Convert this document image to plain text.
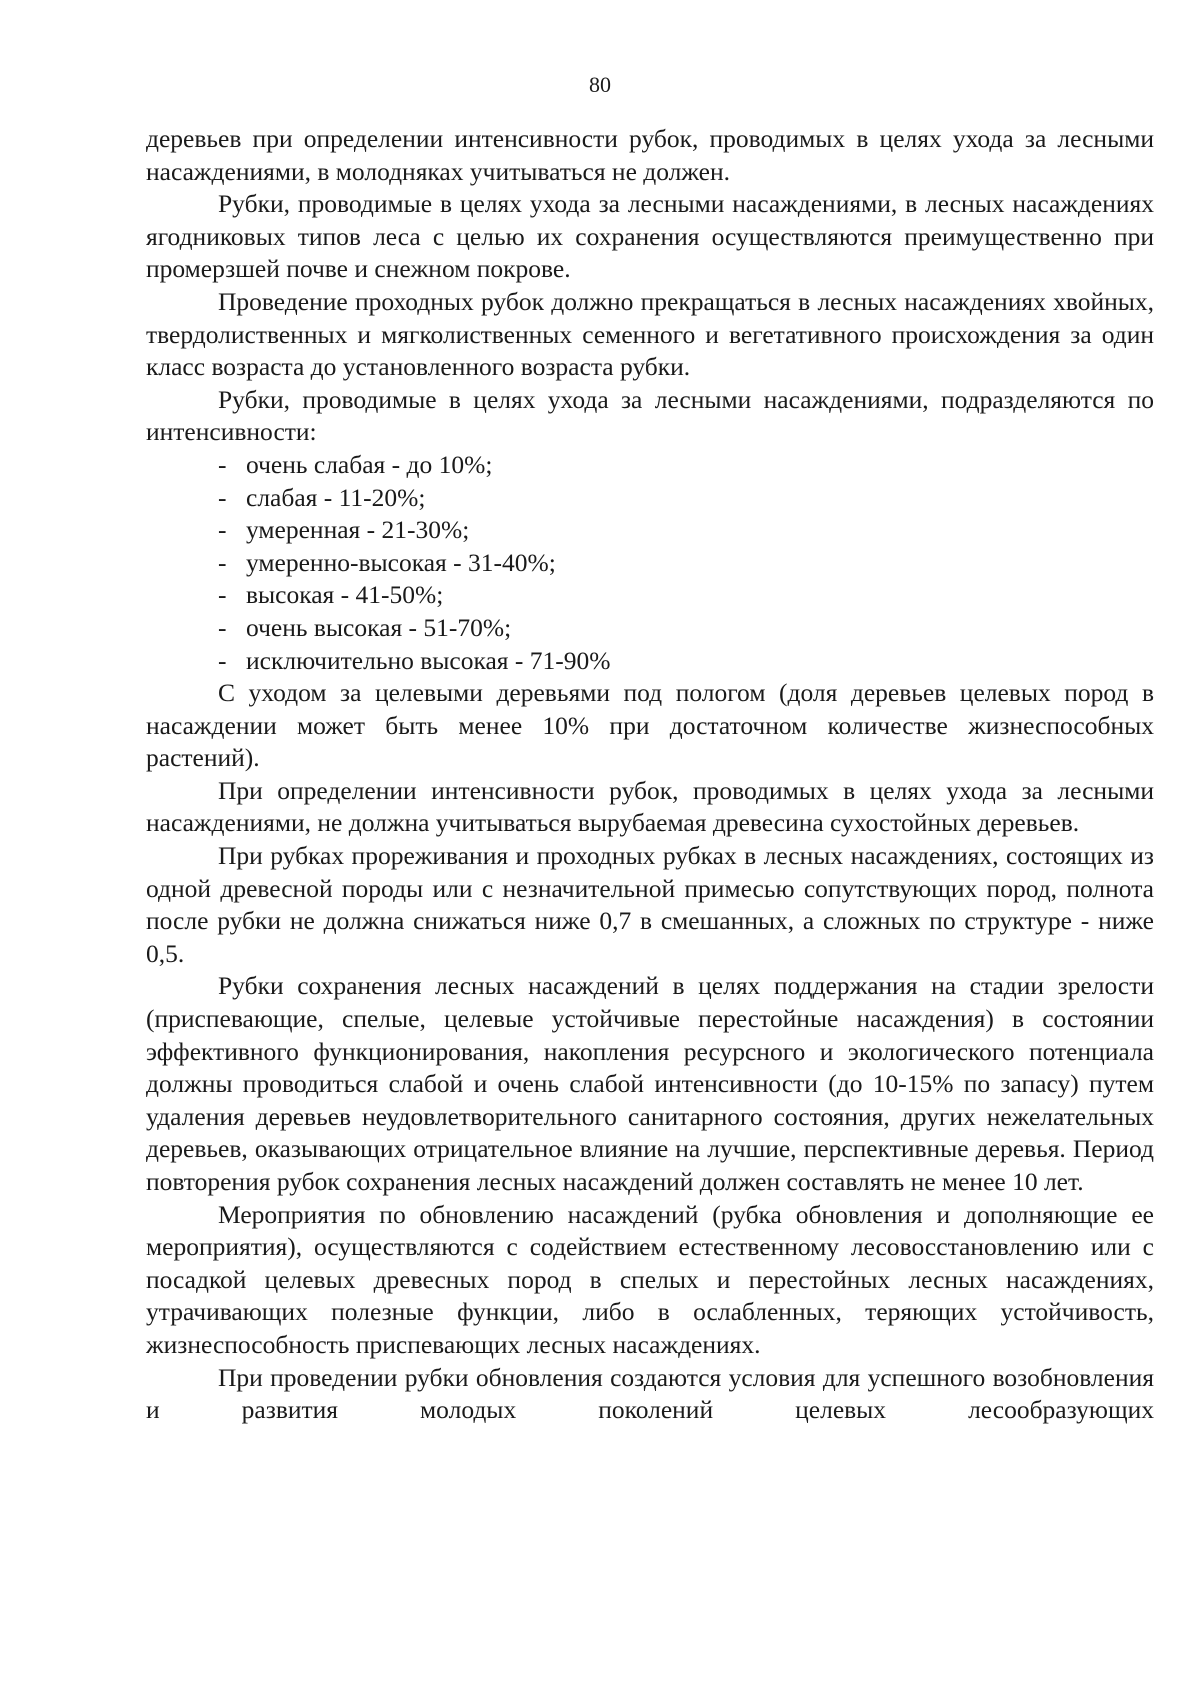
80

деревьев при определении интенсивности рубок, проводимых в целях ухода за лесными насаждениями, в молодняках учитываться не должен.

Рубки, проводимые в целях ухода за лесными насаждениями, в лесных насаждениях ягодниковых типов леса с целью их сохранения осуществляются преимущественно при промерзшей почве и снежном покрове.

Проведение проходных рубок должно прекращаться в лесных насаждениях хвойных, твердолиственных и мягколиственных семенного и вегетативного происхождения за один класс возраста до установленного возраста рубки.

Рубки, проводимые в целях ухода за лесными насаждениями, подразделяются по интенсивности:

- очень слабая - до 10%;
- слабая - 11-20%;
- умеренная - 21-30%;
- умеренно-высокая - 31-40%;
- высокая - 41-50%;
- очень высокая - 51-70%;
- исключительно высокая - 71-90%

С уходом за целевыми деревьями под пологом (доля деревьев целевых пород в насаждении может быть менее 10% при достаточном количестве жизнеспособных растений).

При определении интенсивности рубок, проводимых в целях ухода за лесными насаждениями, не должна учитываться вырубаемая древесина сухостойных деревьев.

При рубках прореживания и проходных рубках в лесных насаждениях, состоящих из одной древесной породы или с незначительной примесью сопутствующих пород, полнота после рубки не должна снижаться ниже 0,7 в смешанных, а сложных по структуре - ниже 0,5.

Рубки сохранения лесных насаждений в целях поддержания на стадии зрелости (приспевающие, спелые, целевые устойчивые перестойные насаждения) в состоянии эффективного функционирования, накопления ресурсного и экологического потенциала должны проводиться слабой и очень слабой интенсивности (до 10-15% по запасу) путем удаления деревьев неудовлетворительного санитарного состояния, других нежелательных деревьев, оказывающих отрицательное влияние на лучшие, перспективные деревья. Период повторения рубок сохранения лесных насаждений должен составлять не менее 10 лет.

Мероприятия по обновлению насаждений (рубка обновления и дополняющие ее мероприятия), осуществляются с содействием естественному лесовосстановлению или с посадкой целевых древесных пород в спелых и перестойных лесных насаждениях, утрачивающих полезные функции, либо в ослабленных, теряющих устойчивость, жизнеспособность приспевающих лесных насаждениях.

При проведении рубки обновления создаются условия для успешного возобновления и развития молодых поколений целевых лесообразующих
